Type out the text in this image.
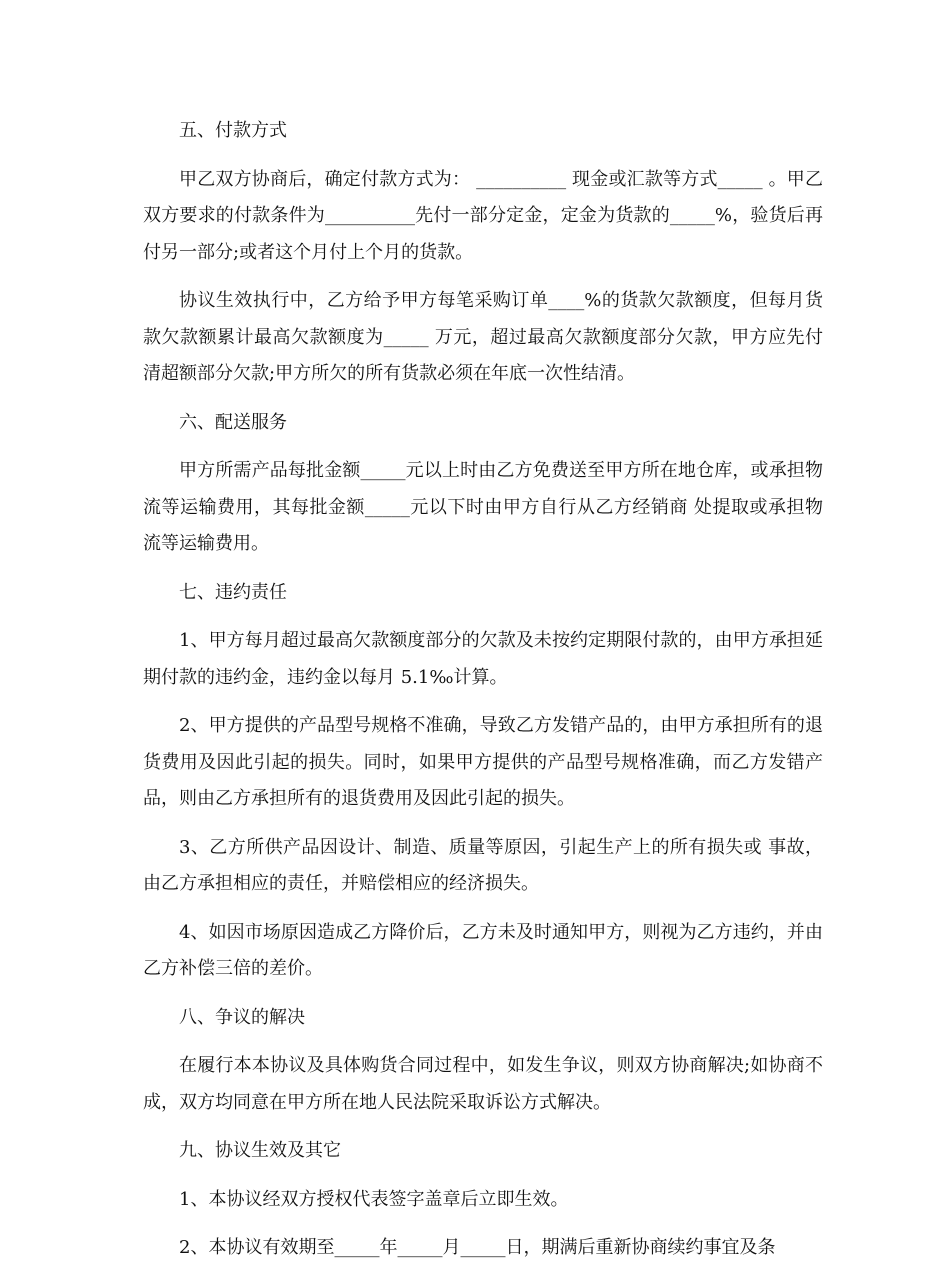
五、付款方式
甲乙双方协商后，确定付款方式为： __________ 现金或汇款等方式_____ 。甲乙双方要求的付款条件为__________先付一部分定金，定金为货款的_____%，验货后再付另一部分;或者这个月付上个月的货款。
协议生效执行中，乙方给予甲方每笔采购订单____%的货款欠款额度，但每月货款欠款额累计最高欠款额度为_____ 万元，超过最高欠款额度部分欠款，甲方应先付清超额部分欠款;甲方所欠的所有货款必须在年底一次性结清。
六、配送服务
甲方所需产品每批金额_____元以上时由乙方免费送至甲方所在地仓库，或承担物流等运输费用，其每批金额_____元以下时由甲方自行从乙方经销商 处提取或承担物流等运输费用。
七、违约责任
1、甲方每月超过最高欠款额度部分的欠款及未按约定期限付款的，由甲方承担延期付款的违约金，违约金以每月 5.1‰计算。
2、甲方提供的产品型号规格不准确，导致乙方发错产品的，由甲方承担所有的退货费用及因此引起的损失。同时，如果甲方提供的产品型号规格准确，而乙方发错产品，则由乙方承担所有的退货费用及因此引起的损失。
3、乙方所供产品因设计、制造、质量等原因，引起生产上的所有损失或 事故，由乙方承担相应的责任，并赔偿相应的经济损失。
4、如因市场原因造成乙方降价后，乙方未及时通知甲方，则视为乙方违约，并由乙方补偿三倍的差价。
八、争议的解决
在履行本本协议及具体购货合同过程中，如发生争议，则双方协商解决;如协商不成，双方均同意在甲方所在地人民法院采取诉讼方式解决。
九、协议生效及其它
1、本协议经双方授权代表签字盖章后立即生效。
2、本协议有效期至_____年_____月_____日，期满后重新协商续约事宜及条
